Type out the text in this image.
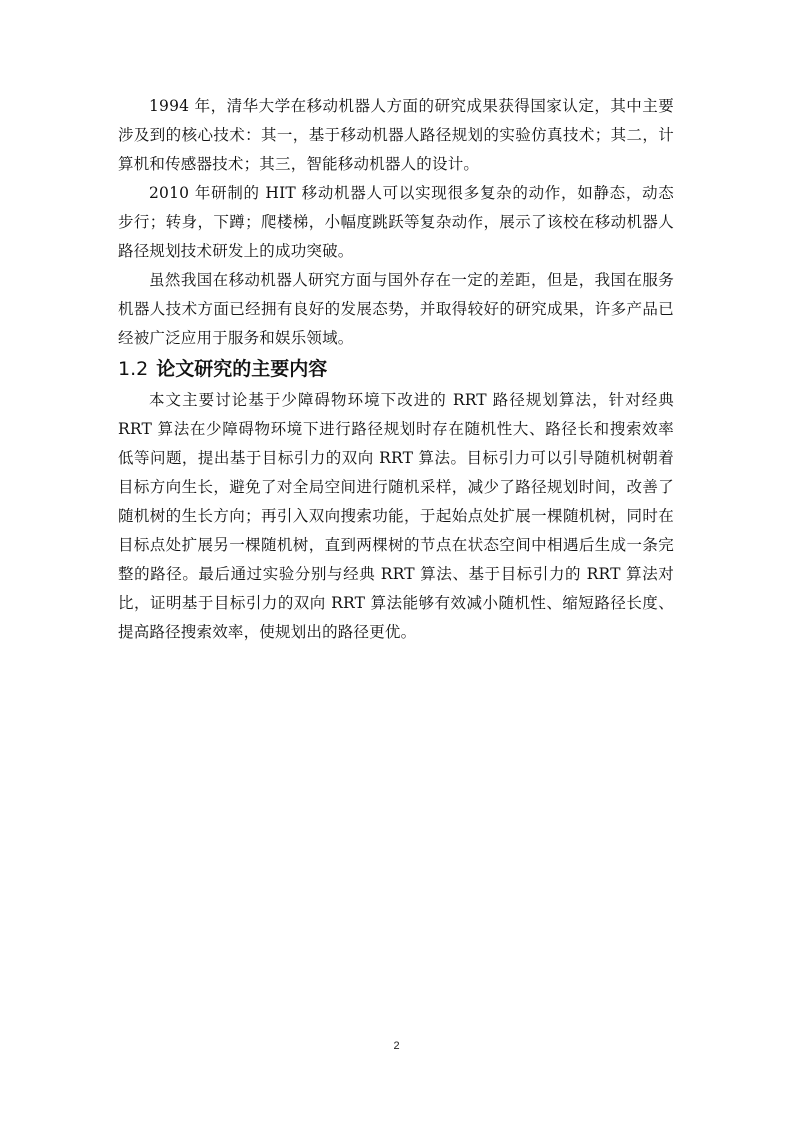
1994 年，清华大学在移动机器人方面的研究成果获得国家认定，其中主要涉及到的核心技术：其一，基于移动机器人路径规划的实验仿真技术；其二，计算机和传感器技术；其三，智能移动机器人的设计。

2010 年研制的 HIT 移动机器人可以实现很多复杂的动作，如静态，动态步行；转身，下蹲；爬楼梯，小幅度跳跃等复杂动作，展示了该校在移动机器人路径规划技术研发上的成功突破。

虽然我国在移动机器人研究方面与国外存在一定的差距，但是，我国在服务机器人技术方面已经拥有良好的发展态势，并取得较好的研究成果，许多产品已经被广泛应用于服务和娱乐领域。

1.2 论文研究的主要内容

本文主要讨论基于少障碍物环境下改进的 RRT 路径规划算法，针对经典 RRT 算法在少障碍物环境下进行路径规划时存在随机性大、路径长和搜索效率低等问题，提出基于目标引力的双向 RRT 算法。目标引力可以引导随机树朝着目标方向生长，避免了对全局空间进行随机采样，减少了路径规划时间，改善了随机树的生长方向；再引入双向搜索功能，于起始点处扩展一棵随机树，同时在目标点处扩展另一棵随机树，直到两棵树的节点在状态空间中相遇后生成一条完整的路径。最后通过实验分别与经典 RRT 算法、基于目标引力的 RRT 算法对比，证明基于目标引力的双向 RRT 算法能够有效减小随机性、缩短路径长度、提高路径搜索效率，使规划出的路径更优。

2
